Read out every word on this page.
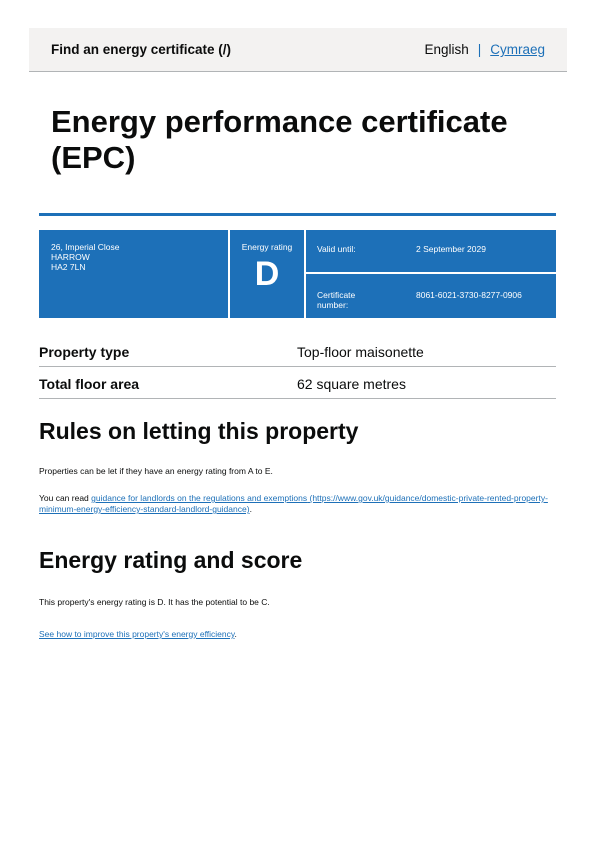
Find an energy certificate (/)	English | Cymraeg
Energy performance certificate (EPC)
26, Imperial Close
HARROW
HA2 7LN
Energy rating
D
Valid until:	2 September 2029
Certificate
number:
8061-6021-3730-8277-0906
Property type	Top-floor maisonette
Total floor area	62 square metres
Rules on letting this property

Properties can be let if they have an energy rating from A to E.

You can read guidance for landlords on the regulations and exemptions (https://www.gov.uk/guidance/domestic-private-rented-property-minimum-energy-efficiency-standard-landlord-guidance).

Energy rating and score

This property's energy rating is D. It has the potential to be C.

See how to improve this property's energy efficiency.
